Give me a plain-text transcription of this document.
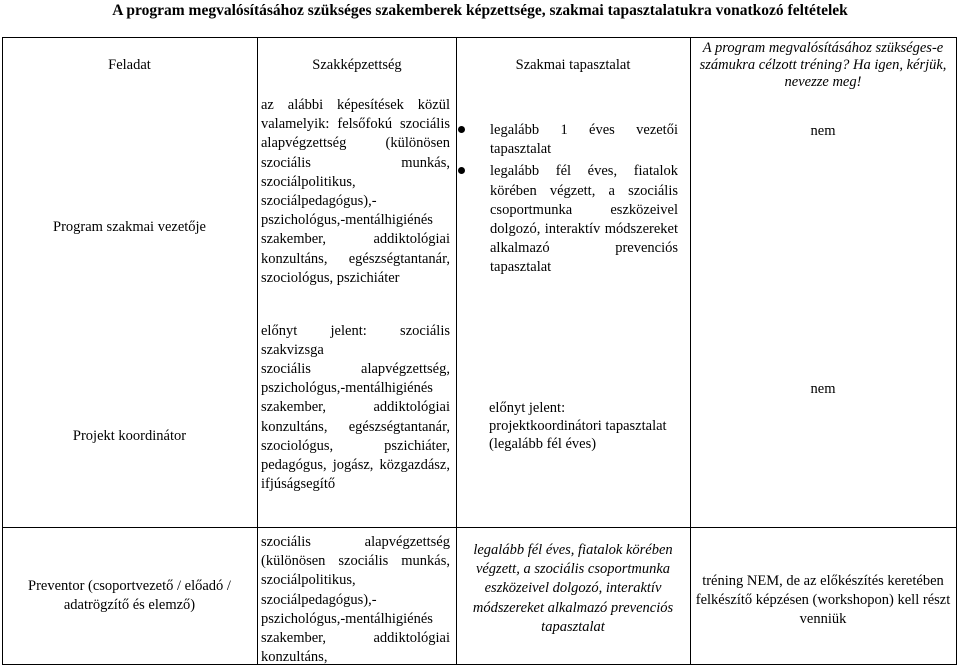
A program megvalósításához szükséges szakemberek képzettsége, szakmai tapasztalatukra vonatkozó feltételek
Feladat	Szakképzettség	Szakmai tapasztalat
A program megvalósításához szükséges-e számukra célzott tréning? Ha igen, kérjük, nevezze meg!
Program szakmai vezetője
Projekt koordinátor
az alábbi képesítések közül valamelyik: felsőfokú szociális alapvégzettség (különösen szociális munkás, szociálpolitikus, szociálpedagógus),-pszichológus,-mentálhigiénés szakember, addiktológiai konzultáns, egészségtantanár, szociológus, pszichiáter
előnyt jelent: szociális szakvizsga
szociális alapvégzettség, pszichológus,-mentálhigiénés szakember, addiktológiai konzultáns, egészségtantanár, szociológus, pszichiáter, pedagógus, jogász, közgazdász, ifjúságsegítő
legalább 1 éves vezetői tapasztalat
legalább fél éves, fiatalok körében végzett, a szociális csoportmunka eszközeivel dolgozó, interaktív módszereket alkalmazó prevenciós tapasztalat
előnyt jelent: projektkoordinátori tapasztalat (legalább fél éves)
nem
nem
Preventor (csoportvezető / előadó / adatrögzítő és elemző)
szociális alapvégzettség (különösen szociális munkás, szociálpolitikus, szociálpedagógus),-pszichológus,-mentálhigiénés szakember, addiktológiai konzultáns,
legalább fél éves, fiatalok körében végzett, a szociális csoportmunka eszközeivel dolgozó, interaktív módszereket alkalmazó prevenciós tapasztalat
tréning NEM, de az előkészítés keretében felkészítő képzésen (workshopon) kell részt venniük
